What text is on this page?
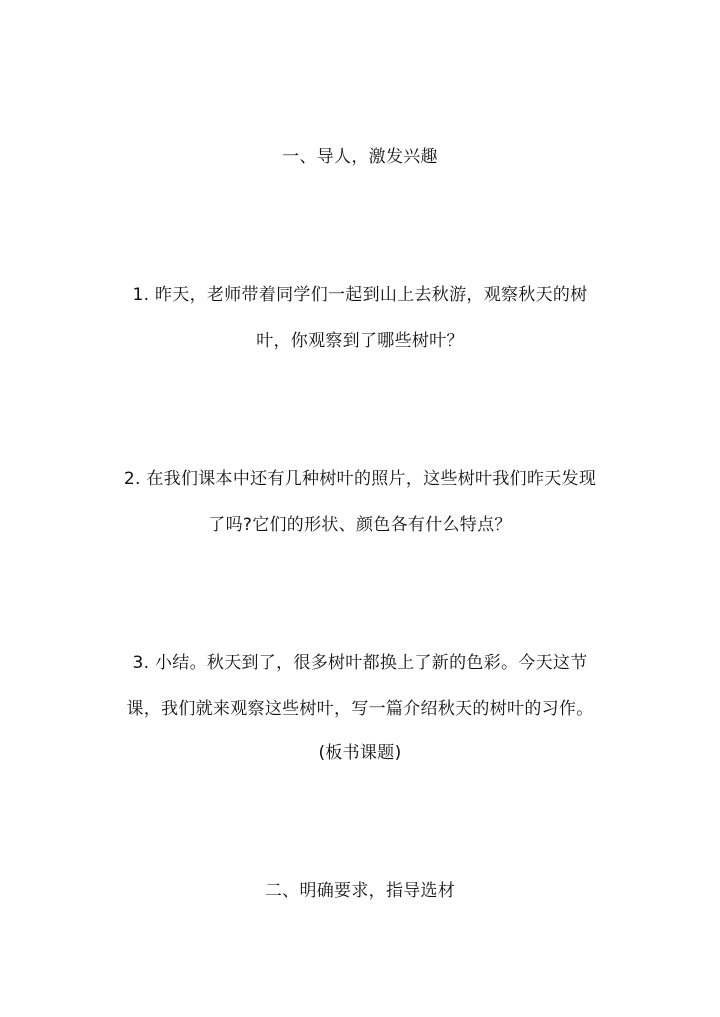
一、导人，激发兴趣
1. 昨天，老师带着同学们一起到山上去秋游，观察秋天的树
叶，你观察到了哪些树叶？
2. 在我们课本中还有几种树叶的照片，这些树叶我们昨天发现
了吗?它们的形状、颜色各有什么特点？
3. 小结。秋天到了，很多树叶都换上了新的色彩。今天这节
课，我们就来观察这些树叶，写一篇介绍秋天的树叶的习作。
(板书课题)
二、明确要求，指导选材
